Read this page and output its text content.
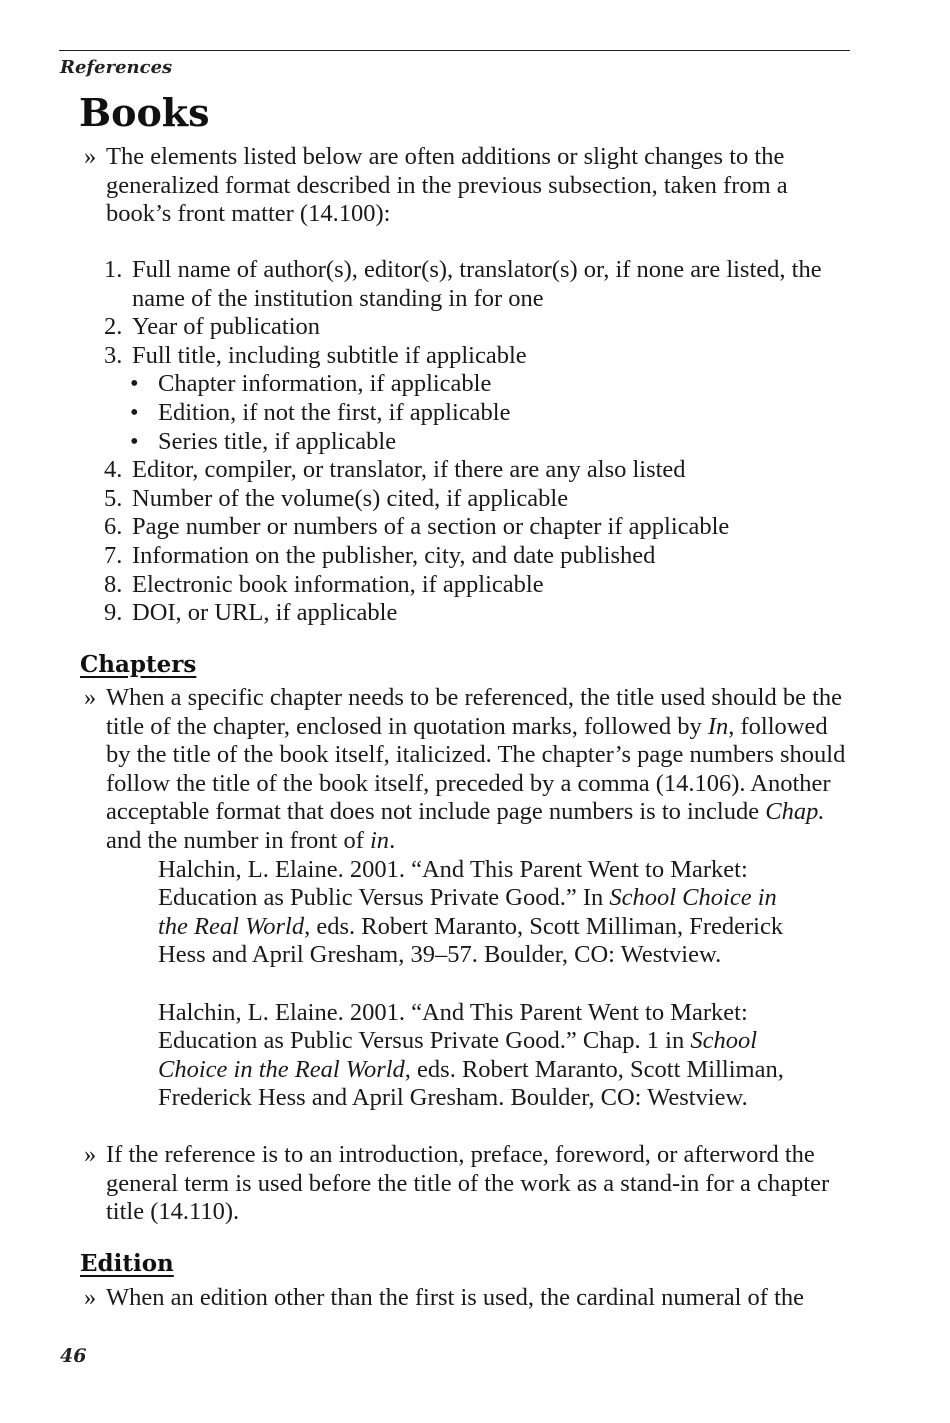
References
Books
» The elements listed below are often additions or slight changes to the generalized format described in the previous subsection, taken from a book’s front matter (14.100):
1. Full name of author(s), editor(s), translator(s) or, if none are listed, the name of the institution standing in for one
2. Year of publication
3. Full title, including subtitle if applicable
• Chapter information, if applicable
• Edition, if not the first, if applicable
• Series title, if applicable
4. Editor, compiler, or translator, if there are any also listed
5. Number of the volume(s) cited, if applicable
6. Page number or numbers of a section or chapter if applicable
7. Information on the publisher, city, and date published
8. Electronic book information, if applicable
9. DOI, or URL, if applicable
Chapters
» When a specific chapter needs to be referenced, the title used should be the title of the chapter, enclosed in quotation marks, followed by In, followed by the title of the book itself, italicized. The chapter’s page numbers should follow the title of the book itself, preceded by a comma (14.106). Another acceptable format that does not include page numbers is to include Chap. and the number in front of in.
Halchin, L. Elaine. 2001. “And This Parent Went to Market: Education as Public Versus Private Good.” In School Choice in the Real World, eds. Robert Maranto, Scott Milliman, Frederick Hess and April Gresham, 39–57. Boulder, CO: Westview.
Halchin, L. Elaine. 2001. “And This Parent Went to Market: Education as Public Versus Private Good.” Chap. 1 in School Choice in the Real World, eds. Robert Maranto, Scott Milliman, Frederick Hess and April Gresham. Boulder, CO: Westview.
» If the reference is to an introduction, preface, foreword, or afterword the general term is used before the title of the work as a stand-in for a chapter title (14.110).
Edition
» When an edition other than the first is used, the cardinal numeral of the
46
